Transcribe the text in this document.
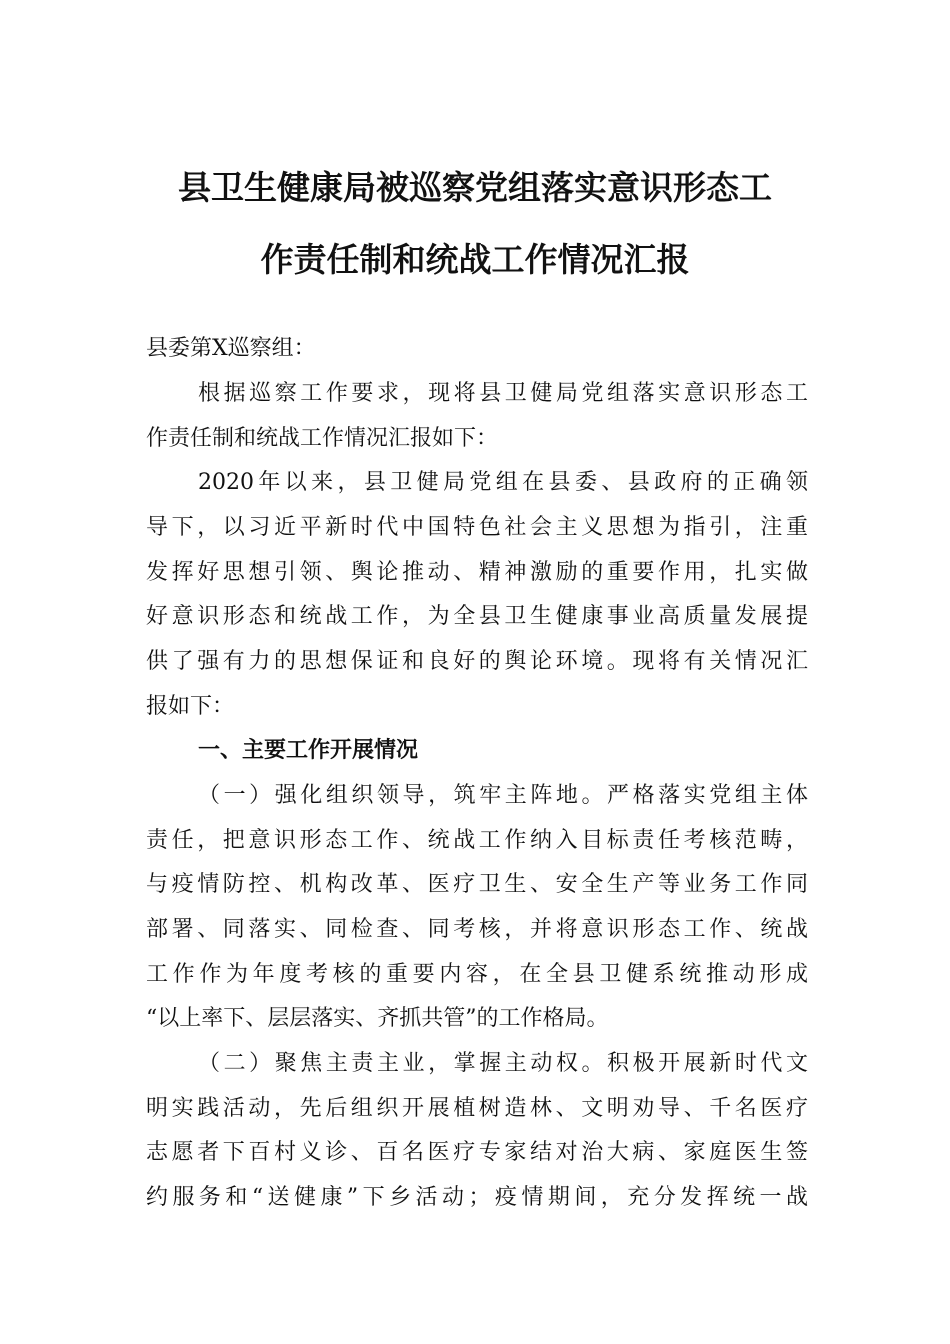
县卫生健康局被巡察党组落实意识形态工
作责任制和统战工作情况汇报
县委第X巡察组：
根据巡察工作要求，现将县卫健局党组落实意识形态工
作责任制和统战工作情况汇报如下：
2020年以来，县卫健局党组在县委、县政府的正确领
导下，以习近平新时代中国特色社会主义思想为指引，注重
发挥好思想引领、舆论推动、精神激励的重要作用，扎实做
好意识形态和统战工作，为全县卫生健康事业高质量发展提
供了强有力的思想保证和良好的舆论环境。现将有关情况汇
报如下：
一、主要工作开展情况
（一）强化组织领导，筑牢主阵地。严格落实党组主体
责任，把意识形态工作、统战工作纳入目标责任考核范畴，
与疫情防控、机构改革、医疗卫生、安全生产等业务工作同
部署、同落实、同检查、同考核，并将意识形态工作、统战
工作作为年度考核的重要内容，在全县卫健系统推动形成
“以上率下、层层落实、齐抓共管”的工作格局。
（二）聚焦主责主业，掌握主动权。积极开展新时代文
明实践活动，先后组织开展植树造林、文明劝导、千名医疗
志愿者下百村义诊、百名医疗专家结对治大病、家庭医生签
约服务和“送健康”下乡活动；疫情期间，充分发挥统一战
